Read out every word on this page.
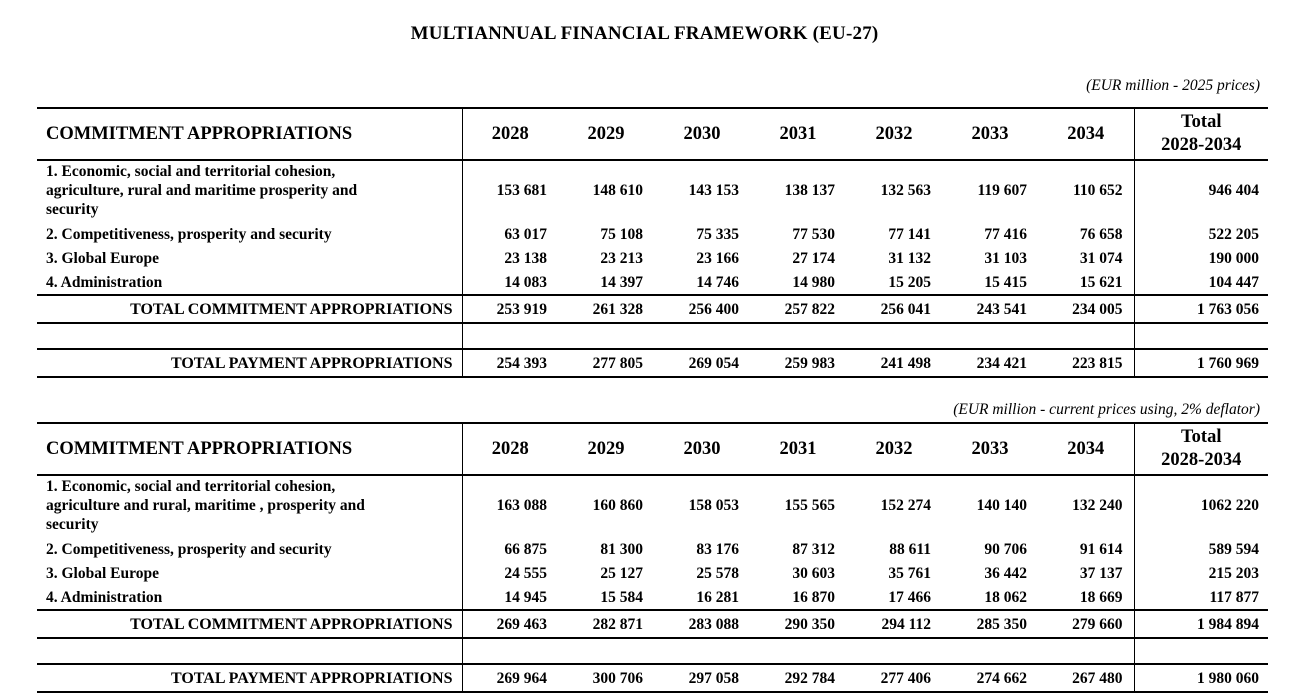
MULTIANNUAL FINANCIAL FRAMEWORK (EU-27)
(EUR million - 2025 prices)
COMMITMENT APPROPRIATIONS	2028	2029	2030	2031	2032	2033	2034	Total
2028-2034

1. Economic, social and territorial cohesion, agriculture, rural and maritime prosperity and security	153 681	148 610	143 153	138 137	132 563	119 607	110 652	946 404
2. Competitiveness, prosperity and security	63 017	75 108	75 335	77 530	77 141	77 416	76 658	522 205
3. Global Europe	23 138	23 213	23 166	27 174	31 132	31 103	31 074	190 000
4. Administration	14 083	14 397	14 746	14 980	15 205	15 415	15 621	104 447
TOTAL COMMITMENT APPROPRIATIONS	253 919	261 328	256 400	257 822	256 041	243 541	234 005	1 763 056

TOTAL PAYMENT APPROPRIATIONS	254 393	277 805	269 054	259 983	241 498	234 421	223 815	1 760 969
(EUR million - current prices using, 2% deflator)
COMMITMENT APPROPRIATIONS	2028	2029	2030	2031	2032	2033	2034	Total
2028-2034

1. Economic, social and territorial cohesion, agriculture and rural, maritime , prosperity and security	163 088	160 860	158 053	155 565	152 274	140 140	132 240	1062 220
2. Competitiveness, prosperity and security	66 875	81 300	83 176	87 312	88 611	90 706	91 614	589 594
3. Global Europe	24 555	25 127	25 578	30 603	35 761	36 442	37 137	215 203
4. Administration	14 945	15 584	16 281	16 870	17 466	18 062	18 669	117 877
TOTAL COMMITMENT APPROPRIATIONS	269 463	282 871	283 088	290 350	294 112	285 350	279 660	1 984 894

TOTAL PAYMENT APPROPRIATIONS	269 964	300 706	297 058	292 784	277 406	274 662	267 480	1 980 060
